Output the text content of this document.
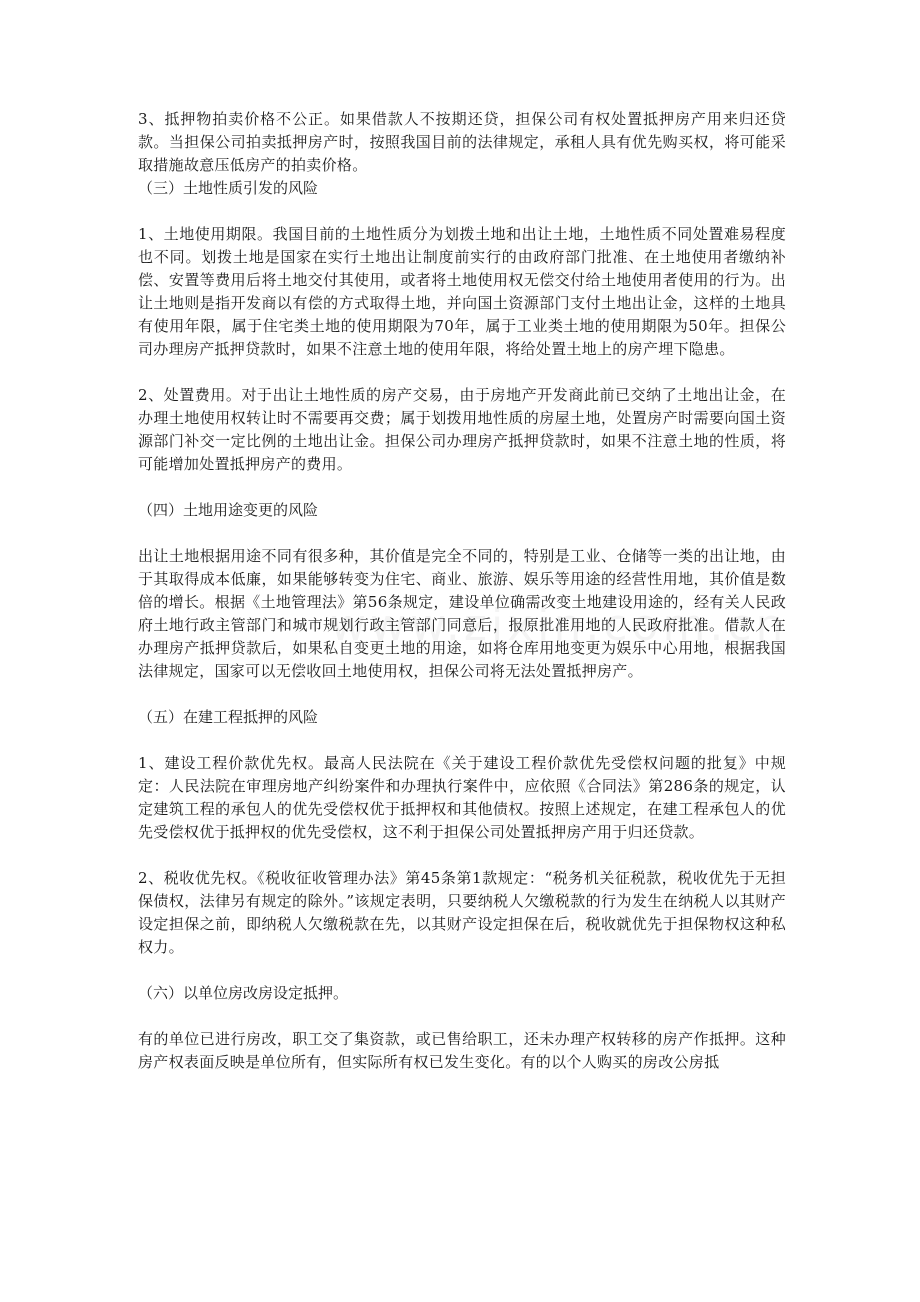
3、抵押物拍卖价格不公正。如果借款人不按期还贷，担保公司有权处置抵押房产用来归还贷款。当担保公司拍卖抵押房产时，按照我国目前的法律规定，承租人具有优先购买权，将可能采取措施故意压低房产的拍卖价格。

（三）土地性质引发的风险

1、土地使用期限。我国目前的土地性质分为划拨土地和出让土地，土地性质不同处置难易程度也不同。划拨土地是国家在实行土地出让制度前实行的由政府部门批准、在土地使用者缴纳补偿、安置等费用后将土地交付其使用，或者将土地使用权无偿交付给土地使用者使用的行为。出让土地则是指开发商以有偿的方式取得土地，并向国土资源部门支付土地出让金，这样的土地具有使用年限，属于住宅类土地的使用期限为70年，属于工业类土地的使用期限为50年。担保公司办理房产抵押贷款时，如果不注意土地的使用年限，将给处置土地上的房产埋下隐患。

2、处置费用。对于出让土地性质的房产交易，由于房地产开发商此前已交纳了土地出让金，在办理土地使用权转让时不需要再交费；属于划拨用地性质的房屋土地，处置房产时需要向国土资源部门补交一定比例的土地出让金。担保公司办理房产抵押贷款时，如果不注意土地的性质，将可能增加处置抵押房产的费用。

（四）土地用途变更的风险

出让土地根据用途不同有很多种，其价值是完全不同的，特别是工业、仓储等一类的出让地，由于其取得成本低廉，如果能够转变为住宅、商业、旅游、娱乐等用途的经营性用地，其价值是数倍的增长。根据《土地管理法》第56条规定，建设单位确需改变土地建设用途的，经有关人民政府土地行政主管部门和城市规划行政主管部门同意后，报原批准用地的人民政府批准。借款人在办理房产抵押贷款后，如果私自变更土地的用途，如将仓库用地变更为娱乐中心用地，根据我国法律规定，国家可以无偿收回土地使用权，担保公司将无法处置抵押房产。

（五）在建工程抵押的风险

1、建设工程价款优先权。最高人民法院在《关于建设工程价款优先受偿权问题的批复》中规定：人民法院在审理房地产纠纷案件和办理执行案件中，应依照《合同法》第286条的规定，认定建筑工程的承包人的优先受偿权优于抵押权和其他债权。按照上述规定，在建工程承包人的优先受偿权优于抵押权的优先受偿权，这不利于担保公司处置抵押房产用于归还贷款。

2、税收优先权。《税收征收管理办法》第45条第1款规定：“税务机关征税款，税收优先于无担保债权，法律另有规定的除外。”该规定表明，只要纳税人欠缴税款的行为发生在纳税人以其财产设定担保之前，即纳税人欠缴税款在先，以其财产设定担保在后，税收就优先于担保物权这种私权力。

（六）以单位房改房设定抵押。

有的单位已进行房改，职工交了集资款，或已售给职工，还未办理产权转移的房产作抵押。这种房产权表面反映是单位所有，但实际所有权已发生变化。有的以个人购买的房改公房抵
